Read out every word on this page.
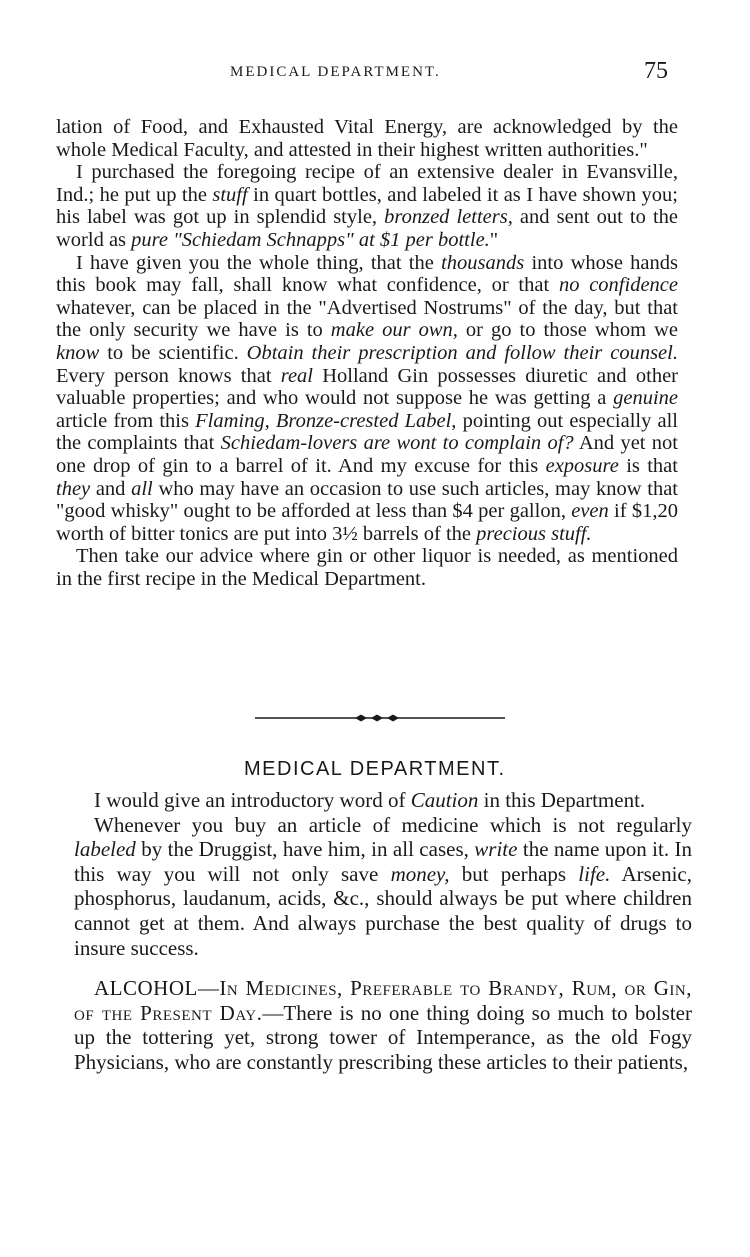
MEDICAL DEPARTMENT.	75

lation of Food, and Exhausted Vital Energy, are acknowledged by the whole Medical Faculty, and attested in their highest written authorities."

I purchased the foregoing recipe of an extensive dealer in Evansville, Ind.; he put up the stuff in quart bottles, and labeled it as I have shown you; his label was got up in splendid style, bronzed letters, and sent out to the world as pure "Schiedam Schnapps" at $1 per bottle."

I have given you the whole thing, that the thousands into whose hands this book may fall, shall know what confidence, or that no confidence whatever, can be placed in the "Advertised Nostrums" of the day, but that the only security we have is to make our own, or go to those whom we know to be scientific. Obtain their prescription and follow their counsel. Every person knows that real Holland Gin possesses diuretic and other valuable properties; and who would not suppose he was getting a genuine article from this Flaming, Bronze-crested Label, pointing out especially all the complaints that Schiedam-lovers are wont to complain of? And yet not one drop of gin to a barrel of it. And my excuse for this exposure is that they and all who may have an occasion to use such articles, may know that "good whisky" ought to be afforded at less than $4 per gallon, even if $1,20 worth of bitter tonics are put into 3½ barrels of the precious stuff.

Then take our advice where gin or other liquor is needed, as mentioned in the first recipe in the Medical Department.

MEDICAL DEPARTMENT.

I would give an introductory word of Caution in this Department.

Whenever you buy an article of medicine which is not regularly labeled by the Druggist, have him, in all cases, write the name upon it. In this way you will not only save money, but perhaps life. Arsenic, phosphorus, laudanum, acids, &c., should always be put where children cannot get at them. And always purchase the best quality of drugs to insure success.

ALCOHOL—In Medicines, Preferable to Brandy, Rum, or Gin, of the Present Day.—There is no one thing doing so much to bolster up the tottering yet, strong tower of Intemperance, as the old Fogy Physicians, who are constantly prescribing these articles to their patients,
